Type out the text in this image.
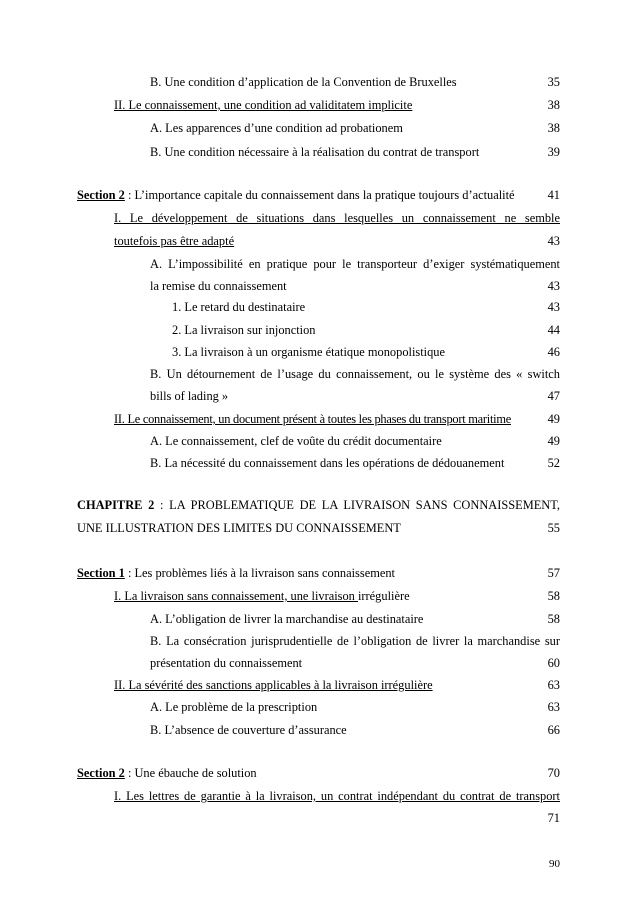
B. Une condition d’application de la Convention de Bruxelles	35
II. Le connaissement, une condition ad validitatem implicite	38
A. Les apparences d’une condition ad probationem	38
B. Une condition nécessaire à la réalisation du contrat de transport	39
Section 2 : L’importance capitale du connaissement dans la pratique toujours d’actualité	41
I. Le développement de situations dans lesquelles un connaissement ne semble
toutefois pas être adapté	43
A. L’impossibilité en pratique pour le transporteur d’exiger systématiquement
la remise du connaissement	43
1. Le retard du destinataire	43
2. La livraison sur injonction	44
3. La livraison à un organisme étatique monopolistique	46
B. Un détournement de l’usage du connaissement, ou le système des « switch
bills of lading »	47
II. Le connaissement, un document présent à toutes les phases du transport maritime	49
A. Le connaissement, clef de voûte du crédit documentaire	49
B. La nécessité du connaissement dans les opérations de dédouanement	52
CHAPITRE 2 : LA PROBLEMATIQUE DE LA LIVRAISON SANS CONNAISSEMENT,
UNE ILLUSTRATION DES LIMITES DU CONNAISSEMENT	55
Section 1 : Les problèmes liés à la livraison sans connaissement	57
I. La livraison sans connaissement, une livraison irrégulière	58
A. L’obligation de livrer la marchandise au destinataire	58
B. La consécration jurisprudentielle de l’obligation de livrer la marchandise sur
présentation du connaissement	60
II. La sévérité des sanctions applicables à la livraison irrégulière	63
A. Le problème de la prescription	63
B. L’absence de couverture d’assurance	66
Section 2 : Une ébauche de solution	70
I. Les lettres de garantie à la livraison, un contrat indépendant du contrat de transport
71
90
